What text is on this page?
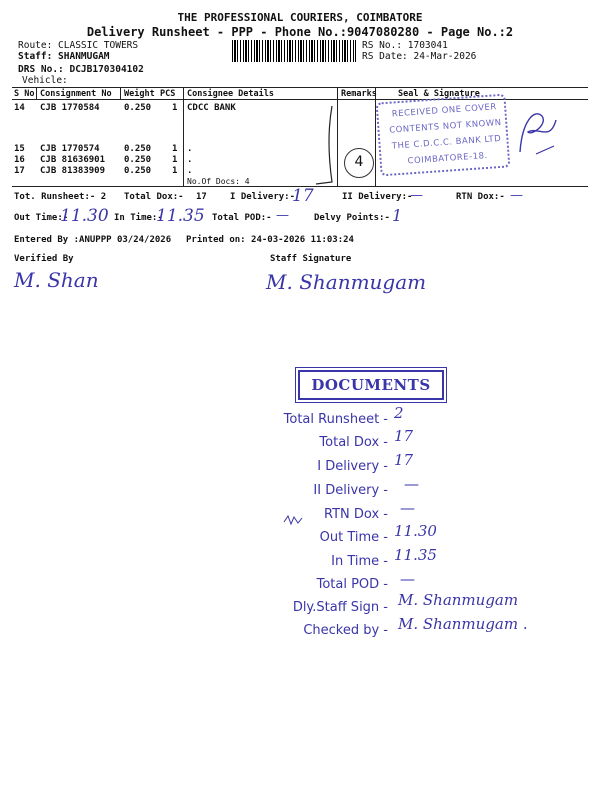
THE PROFESSIONAL COURIERS, COIMBATORE
Delivery Runsheet - PPP - Phone No.:9047080280 - Page No.:2
Route: CLASSIC TOWERS
Staff: SHANMUGAM
DRS No.: DCJB170304102
Vehicle:
RS No.: 1703041
RS Date: 24-Mar-2026
S No Consignment No Weight PCS Consignee Details	Remarks Seal & Signature
14 CJB 1770584	0.250 1 CDCC BANK
15 CJB 1770574	0.250 1 .
16 CJB 81636901 0.250 1 .
17 CJB 81383909 0.250 1 .
No.Of Docs: 4
4
RECEIVED ONE COVER
CONTENTS NOT KNOWN
THE C.D.C.C. BANK LTD
COIMBATORE-18.
Tot. Runsheet:- 2 Total Dox:- 17	I Delivery:-
17	II Delivery:-
—	RTN Dox:- —
Out Time:-
11.30 In Time:-
11.35 Total POD:- —	Delvy Points:- 1
Entered By :ANUPPP 03/24/2026 Printed on: 24-03-2026 11:03:24
Verified By	Staff Signature
M. Shan	M. Shanmugam
DOCUMENTS
Total Runsheet - 2
Total Dox - 17
I Delivery - 17
II Delivery - —
RTN Dox - —
Out Time - 11.30
In Time - 11.35
Total POD - —
Dly.Staff Sign - M. Shanmugam
Checked by - M. Shanmugam .
